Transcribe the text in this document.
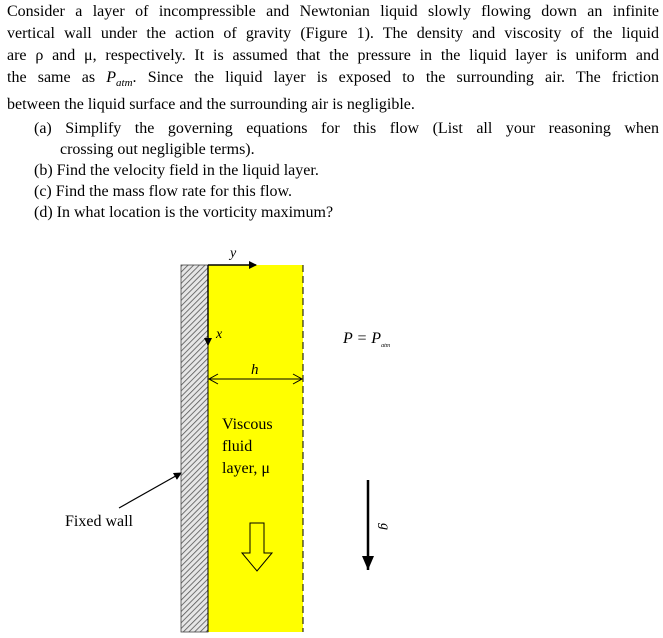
Consider a layer of incompressible and Newtonian liquid slowly flowing down an infinite
vertical wall under the action of gravity (Figure 1). The density and viscosity of the liquid
are ρ and μ, respectively. It is assumed that the pressure in the liquid layer is uniform and
the same as $P_{atm}$. Since the liquid layer is exposed to the surrounding air. The friction
between the liquid surface and the surrounding air is negligible.
(a) Simplify the governing equations for this flow (List all your reasoning when
crossing out negligible terms).
(b) Find the velocity field in the liquid layer.
(c) Find the mass flow rate for this flow.
(d) In what location is the vorticity maximum?
y
x
h
Viscous
fluid
layer, μ
$P = P_{atm}$
g
Fixed wall
